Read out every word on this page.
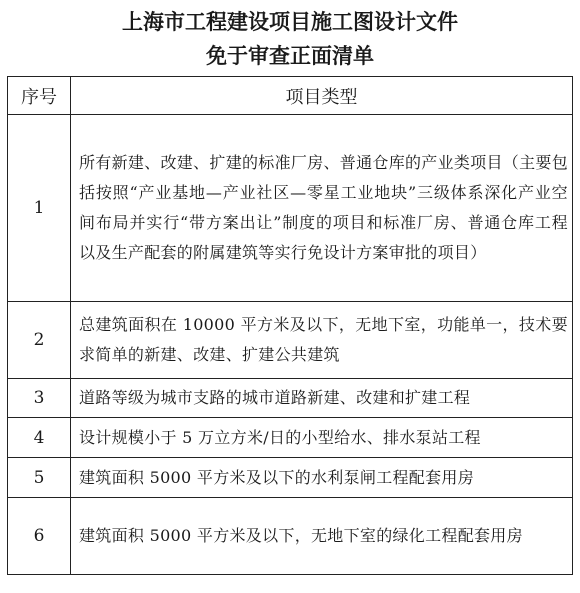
上海市工程建设项目施工图设计文件
免于审查正面清单
序号	项目类型
1	所有新建、改建、扩建的标准厂房、普通仓库的产业类项目（主要包括按照“产业基地—产业社区—零星工业地块”三级体系深化产业空间布局并实行“带方案出让”制度的项目和标准厂房、普通仓库工程以及生产配套的附属建筑等实行免设计方案审批的项目）
2	总建筑面积在 10000 平方米及以下，无地下室，功能单一，技术要求简单的新建、改建、扩建公共建筑
3	道路等级为城市支路的城市道路新建、改建和扩建工程
4	设计规模小于 5 万立方米/日的小型给水、排水泵站工程
5	建筑面积 5000 平方米及以下的水利泵闸工程配套用房
6	建筑面积 5000 平方米及以下，无地下室的绿化工程配套用房
